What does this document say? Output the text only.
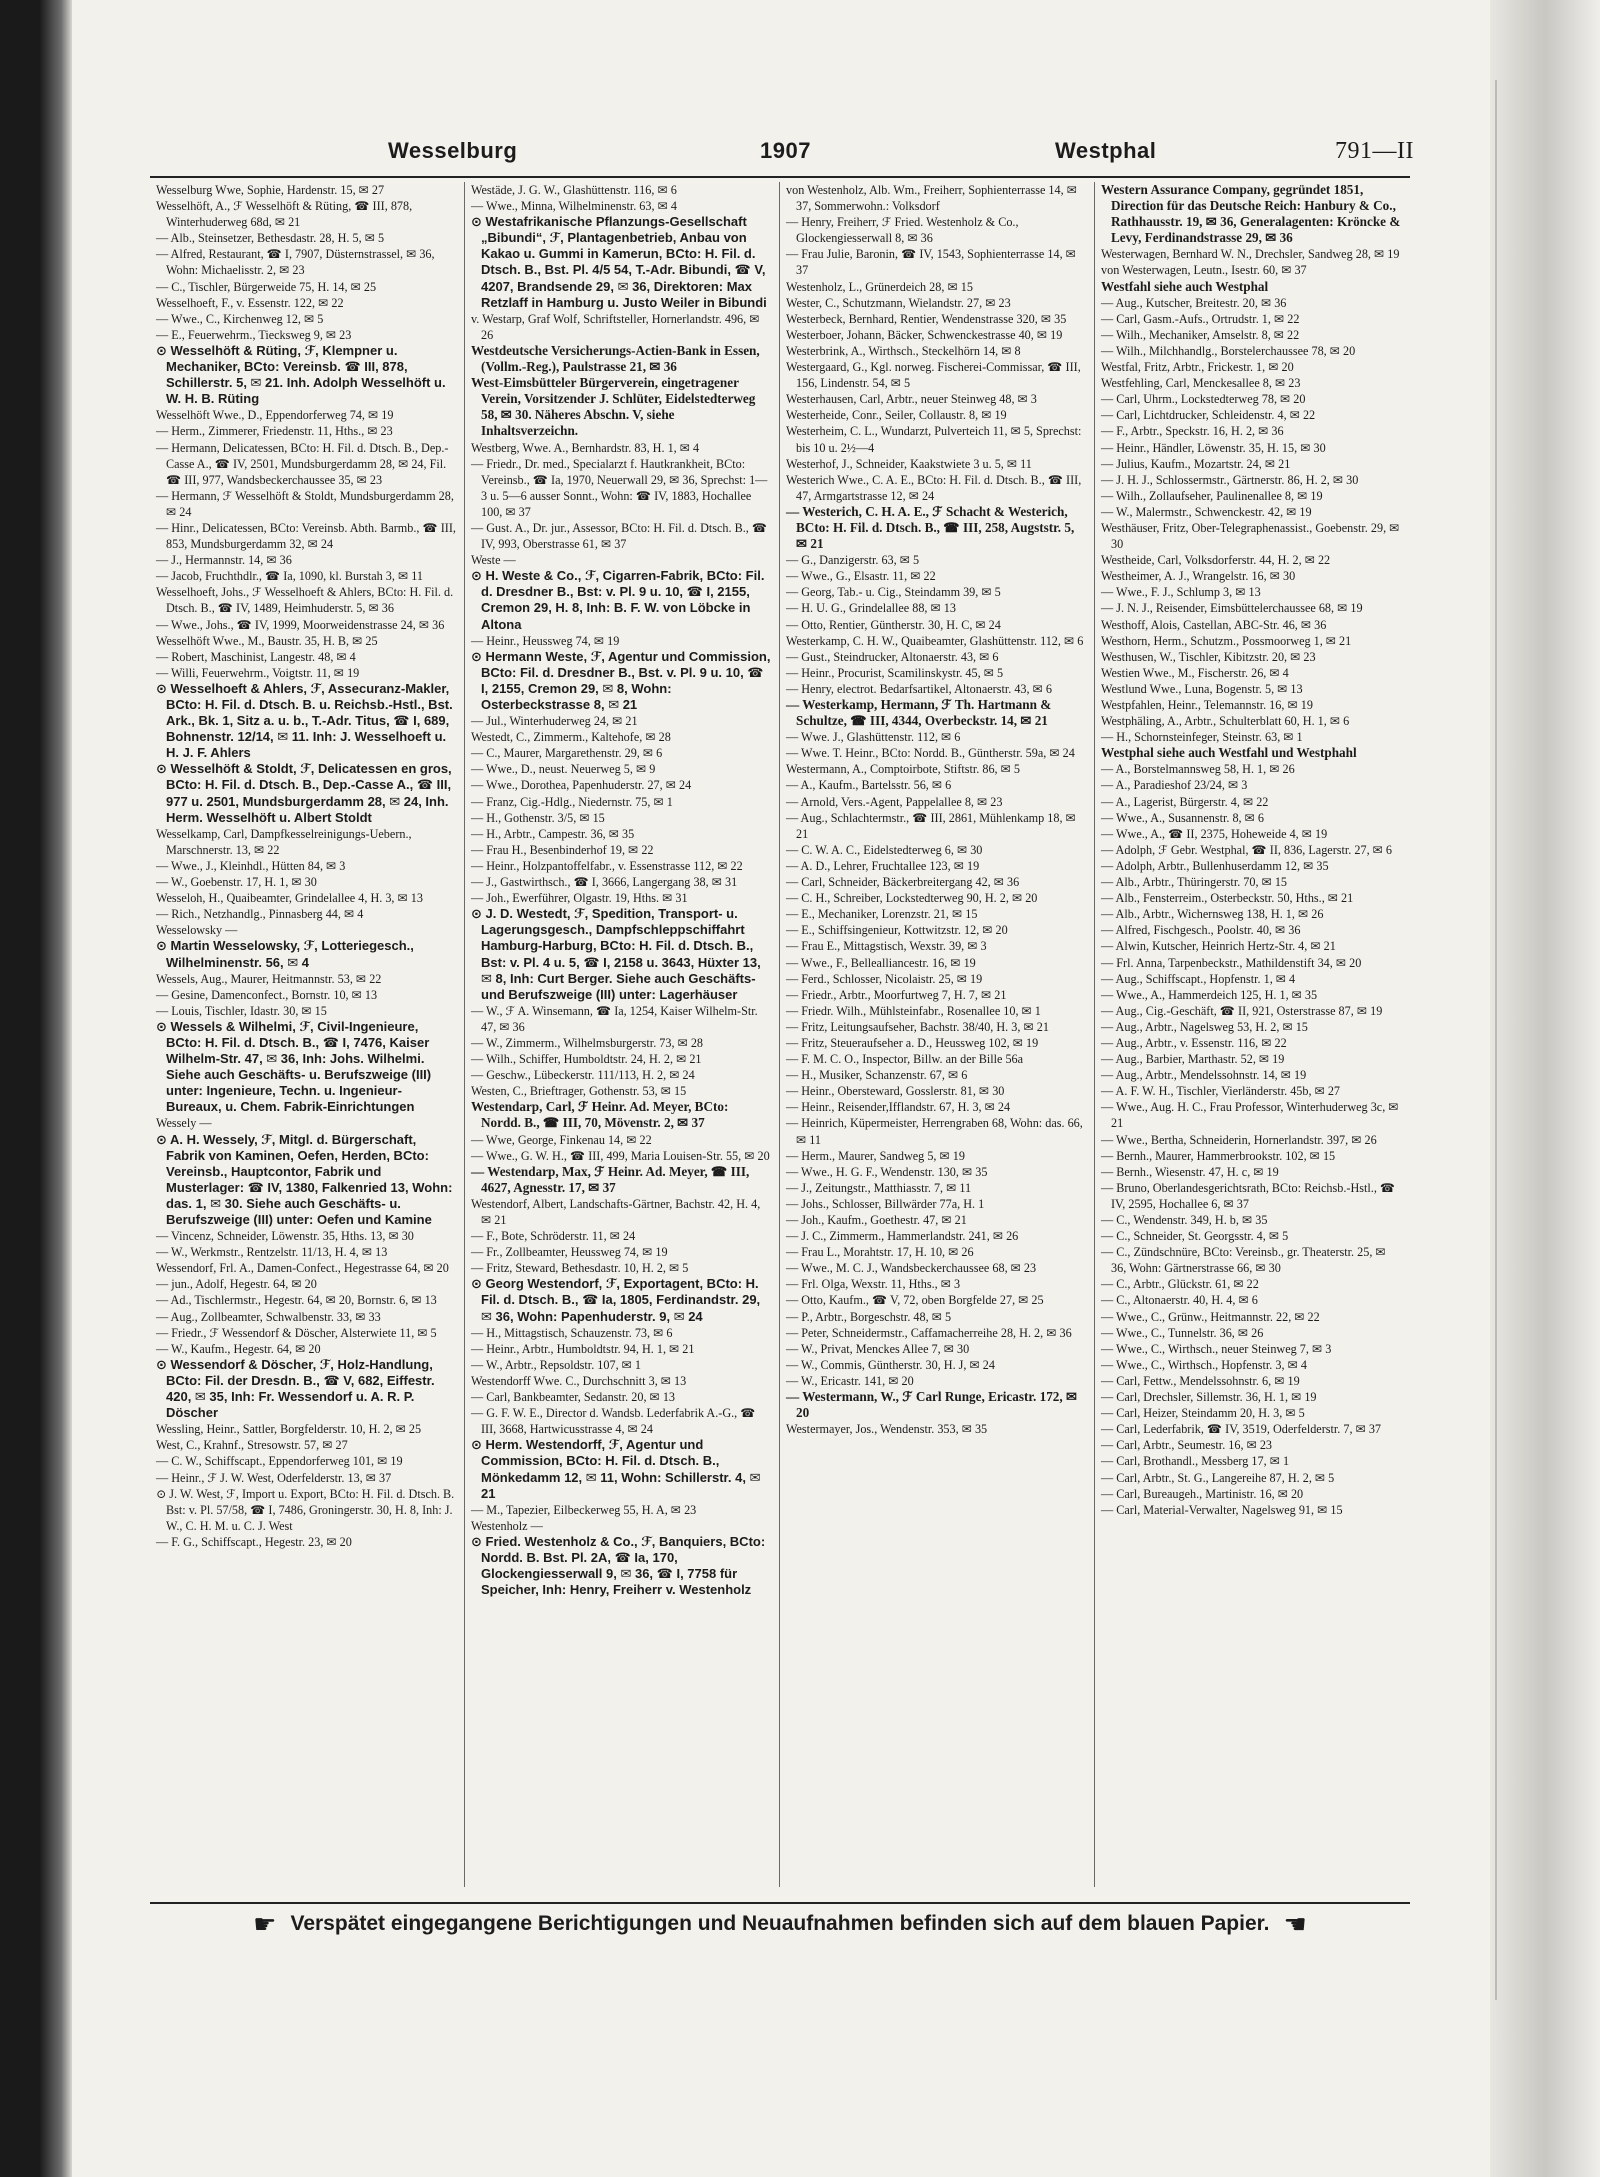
Wesselburg	1907	Westphal	791—II

Wesselburg Wwe, Sophie, Hardenstr. 15, ✉ 27

Wesselhöft, A., ℱ Wesselhöft & Rüting, ☎ III, 878, Winterhuderweg 68d, ✉ 21

— Alb., Steinsetzer, Bethesdastr. 28, H. 5, ✉ 5

— Alfred, Restaurant, ☎ I, 7907, Düsternstrassel, ✉ 36, Wohn: Michaelisstr. 2, ✉ 23

— C., Tischler, Bürgerweide 75, H. 14, ✉ 25

Wesselhoeft, F., v. Essenstr. 122, ✉ 22

— Wwe., C., Kirchenweg 12, ✉ 5

— E., Feuerwehrm., Tiecksweg 9, ✉ 23

⊙ Wesselhöft & Rüting, ℱ, Klempner u. Mechaniker, BCto: Vereinsb. ☎ III, 878, Schillerstr. 5, ✉ 21. Inh. Adolph Wesselhöft u. W. H. B. Rüting

Wesselhöft Wwe., D., Eppendorferweg 74, ✉ 19

— Herm., Zimmerer, Friedenstr. 11, Hths., ✉ 23

— Hermann, Delicatessen, BCto: H. Fil. d. Dtsch. B., Dep.-Casse A., ☎ IV, 2501, Mundsburgerdamm 28, ✉ 24, Fil. ☎ III, 977, Wandsbeckerchaussee 35, ✉ 23

— Hermann, ℱ Wesselhöft & Stoldt, Mundsburgerdamm 28, ✉ 24

— Hinr., Delicatessen, BCto: Vereinsb. Abth. Barmb., ☎ III, 853, Mundsburgerdamm 32, ✉ 24

— J., Hermannstr. 14, ✉ 36

— Jacob, Fruchthdlr., ☎ Ia, 1090, kl. Burstah 3, ✉ 11

Wesselhoeft, Johs., ℱ Wesselhoeft & Ahlers, BCto: H. Fil. d. Dtsch. B., ☎ IV, 1489, Heimhuderstr. 5, ✉ 36

— Wwe., Johs., ☎ IV, 1999, Moorweidenstrasse 24, ✉ 36

Wesselhöft Wwe., M., Baustr. 35, H. B, ✉ 25

— Robert, Maschinist, Langestr. 48, ✉ 4

— Willi, Feuerwehrm., Voigtstr. 11, ✉ 19

⊙ Wesselhoeft & Ahlers, ℱ, Assecuranz-Makler, BCto: H. Fil. d. Dtsch. B. u. Reichsb.-Hstl., Bst. Ark., Bk. 1, Sitz a. u. b., T.-Adr. Titus, ☎ I, 689, Bohnenstr. 12/14, ✉ 11. Inh: J. Wesselhoeft u. H. J. F. Ahlers

⊙ Wesselhöft & Stoldt, ℱ, Delicatessen en gros, BCto: H. Fil. d. Dtsch. B., Dep.-Casse A., ☎ III, 977 u. 2501, Mundsburgerdamm 28, ✉ 24, Inh. Herm. Wesselhöft u. Albert Stoldt

Wesselkamp, Carl, Dampfkesselreinigungs-Uebern., Marschnerstr. 13, ✉ 22

— Wwe., J., Kleinhdl., Hütten 84, ✉ 3

— W., Goebenstr. 17, H. 1, ✉ 30

Wesseloh, H., Quaibeamter, Grindelallee 4, H. 3, ✉ 13

— Rich., Netzhandlg., Pinnasberg 44, ✉ 4

Wesselowsky —

⊙ Martin Wesselowsky, ℱ, Lotteriegesch., Wilhelminenstr. 56, ✉ 4

Wessels, Aug., Maurer, Heitmannstr. 53, ✉ 22

— Gesine, Damenconfect., Bornstr. 10, ✉ 13

— Louis, Tischler, Idastr. 30, ✉ 15

⊙ Wessels & Wilhelmi, ℱ, Civil-Ingenieure, BCto: H. Fil. d. Dtsch. B., ☎ I, 7476, Kaiser Wilhelm-Str. 47, ✉ 36, Inh: Johs. Wilhelmi. Siehe auch Geschäfts- u. Berufszweige (III) unter: Ingenieure, Techn. u. Ingenieur-Bureaux, u. Chem. Fabrik-Einrichtungen

Wessely —

⊙ A. H. Wessely, ℱ, Mitgl. d. Bürgerschaft, Fabrik von Kaminen, Oefen, Herden, BCto: Vereinsb., Hauptcontor, Fabrik und Musterlager: ☎ IV, 1380, Falkenried 13, Wohn: das. 1, ✉ 30. Siehe auch Geschäfts- u. Berufszweige (III) unter: Oefen und Kamine

— Vincenz, Schneider, Löwenstr. 35, Hths. 13, ✉ 30

— W., Werkmstr., Rentzelstr. 11/13, H. 4, ✉ 13

Wessendorf, Frl. A., Damen-Confect., Hegestrasse 64, ✉ 20

— jun., Adolf, Hegestr. 64, ✉ 20

— Ad., Tischlermstr., Hegestr. 64, ✉ 20, Bornstr. 6, ✉ 13

— Aug., Zollbeamter, Schwalbenstr. 33, ✉ 33

— Friedr., ℱ Wessendorf & Döscher, Alsterwiete 11, ✉ 5

— W., Kaufm., Hegestr. 64, ✉ 20

⊙ Wessendorf & Döscher, ℱ, Holz-Handlung, BCto: Fil. der Dresdn. B., ☎ V, 682, Eiffestr. 420, ✉ 35, Inh: Fr. Wessendorf u. A. R. P. Döscher

Wessling, Heinr., Sattler, Borgfelderstr. 10, H. 2, ✉ 25

West, C., Krahnf., Stresowstr. 57, ✉ 27

— C. W., Schiffscapt., Eppendorferweg 101, ✉ 19

— Heinr., ℱ J. W. West, Oderfelderstr. 13, ✉ 37

⊙ J. W. West, ℱ, Import u. Export, BCto: H. Fil. d. Dtsch. B. Bst: v. Pl. 57/58, ☎ I, 7486, Groningerstr. 30, H. 8, Inh: J. W., C. H. M. u. C. J. West

— F. G., Schiffscapt., Hegestr. 23, ✉ 20

Westäde, J. G. W., Glashüttenstr. 116, ✉ 6

— Wwe., Minna, Wilhelminenstr. 63, ✉ 4

⊙ Westafrikanische Pflanzungs-Gesellschaft „Bibundi“, ℱ, Plantagenbetrieb, Anbau von Kakao u. Gummi in Kamerun, BCto: H. Fil. d. Dtsch. B., Bst. Pl. 4/5 54, T.-Adr. Bibundi, ☎ V, 4207, Brandsende 29, ✉ 36, Direktoren: Max Retzlaff in Hamburg u. Justo Weiler in Bibundi

v. Westarp, Graf Wolf, Schriftsteller, Hornerlandstr. 496, ✉ 26

Westdeutsche Versicherungs-Actien-Bank in Essen, (Vollm.-Reg.), Paulstrasse 21, ✉ 36

West-Eimsbütteler Bürgerverein, eingetragener Verein, Vorsitzender J. Schlüter, Eidelstedterweg 58, ✉ 30. Näheres Abschn. V, siehe Inhaltsverzeichn.

Westberg, Wwe. A., Bernhardstr. 83, H. 1, ✉ 4

— Friedr., Dr. med., Specialarzt f. Hautkrankheit, BCto: Vereinsb., ☎ Ia, 1970, Neuerwall 29, ✉ 36, Sprechst: 1—3 u. 5—6 ausser Sonnt., Wohn: ☎ IV, 1883, Hochallee 100, ✉ 37

— Gust. A., Dr. jur., Assessor, BCto: H. Fil. d. Dtsch. B., ☎ IV, 993, Oberstrasse 61, ✉ 37

Weste —

⊙ H. Weste & Co., ℱ, Cigarren-Fabrik, BCto: Fil. d. Dresdner B., Bst: v. Pl. 9 u. 10, ☎ I, 2155, Cremon 29, H. 8, Inh: B. F. W. von Löbcke in Altona

— Heinr., Heussweg 74, ✉ 19

⊙ Hermann Weste, ℱ, Agentur und Commission, BCto: Fil. d. Dresdner B., Bst. v. Pl. 9 u. 10, ☎ I, 2155, Cremon 29, ✉ 8, Wohn: Osterbeckstrasse 8, ✉ 21

— Jul., Winterhuderweg 24, ✉ 21

Westedt, C., Zimmerm., Kaltehofe, ✉ 28

— C., Maurer, Margarethenstr. 29, ✉ 6

— Wwe., D., neust. Neuerweg 5, ✉ 9

— Wwe., Dorothea, Papenhuderstr. 27, ✉ 24

— Franz, Cig.-Hdlg., Niedernstr. 75, ✉ 1

— H., Gothenstr. 3/5, ✉ 15

— H., Arbtr., Campestr. 36, ✉ 35

— Frau H., Besenbinderhof 19, ✉ 22

— Heinr., Holzpantoffelfabr., v. Essenstrasse 112, ✉ 22

— J., Gastwirthsch., ☎ I, 3666, Langergang 38, ✉ 31

— Joh., Ewerführer, Olgastr. 19, Hths. ✉ 31

⊙ J. D. Westedt, ℱ, Spedition, Transport- u. Lagerungsgesch., Dampfschleppschiffahrt Hamburg-Harburg, BCto: H. Fil. d. Dtsch. B., Bst: v. Pl. 4 u. 5, ☎ I, 2158 u. 3643, Hüxter 13, ✉ 8, Inh: Curt Berger. Siehe auch Geschäfts- und Berufszweige (III) unter: Lagerhäuser

— W., ℱ A. Winsemann, ☎ Ia, 1254, Kaiser Wilhelm-Str. 47, ✉ 36

— W., Zimmerm., Wilhelmsburgerstr. 73, ✉ 28

— Wilh., Schiffer, Humboldtstr. 24, H. 2, ✉ 21

— Geschw., Lübeckerstr. 111/113, H. 2, ✉ 24

Westen, C., Brieftrager, Gothenstr. 53, ✉ 15

Westendarp, Carl, ℱ Heinr. Ad. Meyer, BCto: Nordd. B., ☎ III, 70, Mövenstr. 2, ✉ 37

— Wwe, George, Finkenau 14, ✉ 22

— Wwe., G. W. H., ☎ III, 499, Maria Louisen-Str. 55, ✉ 20

— Westendarp, Max, ℱ Heinr. Ad. Meyer, ☎ III, 4627, Agnesstr. 17, ✉ 37

Westendorf, Albert, Landschafts-Gärtner, Bachstr. 42, H. 4, ✉ 21

— F., Bote, Schröderstr. 11, ✉ 24

— Fr., Zollbeamter, Heussweg 74, ✉ 19

— Fritz, Steward, Bethesdastr. 10, H. 2, ✉ 5

⊙ Georg Westendorf, ℱ, Exportagent, BCto: H. Fil. d. Dtsch. B., ☎ Ia, 1805, Ferdinandstr. 29, ✉ 36, Wohn: Papenhuderstr. 9, ✉ 24

— H., Mittagstisch, Schauzenstr. 73, ✉ 6

— Heinr., Arbtr., Humboldtstr. 94, H. 1, ✉ 21

— W., Arbtr., Repsoldstr. 107, ✉ 1

Westendorff Wwe. C., Durchschnitt 3, ✉ 13

— Carl, Bankbeamter, Sedanstr. 20, ✉ 13

— G. F. W. E., Director d. Wandsb. Lederfabrik A.-G., ☎ III, 3668, Hartwicusstrasse 4, ✉ 24

⊙ Herm. Westendorff, ℱ, Agentur und Commission, BCto: H. Fil. d. Dtsch. B., Mönkedamm 12, ✉ 11, Wohn: Schillerstr. 4, ✉ 21

— M., Tapezier, Eilbeckerweg 55, H. A, ✉ 23

Westenholz —

⊙ Fried. Westenholz & Co., ℱ, Banquiers, BCto: Nordd. B. Bst. Pl. 2A, ☎ Ia, 170, Glockengiesserwall 9, ✉ 36, ☎ I, 7758 für Speicher, Inh: Henry, Freiherr v. Westenholz

von Westenholz, Alb. Wm., Freiherr, Sophienterrasse 14, ✉ 37, Sommerwohn.: Volksdorf

— Henry, Freiherr, ℱ Fried. Westenholz & Co., Glockengiesserwall 8, ✉ 36

— Frau Julie, Baronin, ☎ IV, 1543, Sophienterrasse 14, ✉ 37

Westenholz, L., Grünerdeich 28, ✉ 15

Wester, C., Schutzmann, Wielandstr. 27, ✉ 23

Westerbeck, Bernhard, Rentier, Wendenstrasse 320, ✉ 35

Westerboer, Johann, Bäcker, Schwenckestrasse 40, ✉ 19

Westerbrink, A., Wirthsch., Steckelhörn 14, ✉ 8

Westergaard, G., Kgl. norweg. Fischerei-Commissar, ☎ III, 156, Lindenstr. 54, ✉ 5

Westerhausen, Carl, Arbtr., neuer Steinweg 48, ✉ 3

Westerheide, Conr., Seiler, Collaustr. 8, ✉ 19

Westerheim, C. L., Wundarzt, Pulverteich 11, ✉ 5, Sprechst: bis 10 u. 2½—4

Westerhof, J., Schneider, Kaakstwiete 3 u. 5, ✉ 11

Westerich Wwe., C. A. E., BCto: H. Fil. d. Dtsch. B., ☎ III, 47, Armgartstrasse 12, ✉ 24

— Westerich, C. H. A. E., ℱ Schacht & Westerich, BCto: H. Fil. d. Dtsch. B., ☎ III, 258, Augststr. 5, ✉ 21

— G., Danzigerstr. 63, ✉ 5

— Wwe., G., Elsastr. 11, ✉ 22

— Georg, Tab.- u. Cig., Steindamm 39, ✉ 5

— H. U. G., Grindelallee 88, ✉ 13

— Otto, Rentier, Güntherstr. 30, H. C, ✉ 24

Westerkamp, C. H. W., Quaibeamter, Glashüttenstr. 112, ✉ 6

— Gust., Steindrucker, Altonaerstr. 43, ✉ 6

— Heinr., Procurist, Scamilinskystr. 45, ✉ 5

— Henry, electrot. Bedarfsartikel, Altonaerstr. 43, ✉ 6

— Westerkamp, Hermann, ℱ Th. Hartmann & Schultze, ☎ III, 4344, Overbeckstr. 14, ✉ 21

— Wwe. J., Glashüttenstr. 112, ✉ 6

— Wwe. T. Heinr., BCto: Nordd. B., Güntherstr. 59a, ✉ 24

Westermann, A., Comptoirbote, Stiftstr. 86, ✉ 5

— A., Kaufm., Bartelsstr. 56, ✉ 6

— Arnold, Vers.-Agent, Pappelallee 8, ✉ 23

— Aug., Schlachtermstr., ☎ III, 2861, Mühlenkamp 18, ✉ 21

— C. W. A. C., Eidelstedterweg 6, ✉ 30

— A. D., Lehrer, Fruchtallee 123, ✉ 19

— Carl, Schneider, Bäckerbreitergang 42, ✉ 36

— C. H., Schreiber, Lockstedterweg 90, H. 2, ✉ 20

— E., Mechaniker, Lorenzstr. 21, ✉ 15

— E., Schiffsingenieur, Kottwitzstr. 12, ✉ 20

— Frau E., Mittagstisch, Wexstr. 39, ✉ 3

— Wwe., F., Bellealliancestr. 16, ✉ 19

— Ferd., Schlosser, Nicolaistr. 25, ✉ 19

— Friedr., Arbtr., Moorfurtweg 7, H. 7, ✉ 21

— Friedr. Wilh., Mühlsteinfabr., Rosenallee 10, ✉ 1

— Fritz, Leitungsaufseher, Bachstr. 38/40, H. 3, ✉ 21

— Fritz, Steueraufseher a. D., Heussweg 102, ✉ 19

— F. M. C. O., Inspector, Billw. an der Bille 56a

— H., Musiker, Schanzenstr. 67, ✉ 6

— Heinr., Obersteward, Gosslerstr. 81, ✉ 30

— Heinr., Reisender,Ifflandstr. 67, H. 3, ✉ 24

— Heinrich, Küpermeister, Herrengraben 68, Wohn: das. 66, ✉ 11

— Herm., Maurer, Sandweg 5, ✉ 19

— Wwe., H. G. F., Wendenstr. 130, ✉ 35

— J., Zeitungstr., Matthiasstr. 7, ✉ 11

— Johs., Schlosser, Billwärder 77a, H. 1

— Joh., Kaufm., Goethestr. 47, ✉ 21

— J. C., Zimmerm., Hammerlandstr. 241, ✉ 26

— Frau L., Morahtstr. 17, H. 10, ✉ 26

— Wwe., M. C. J., Wandsbeckerchaussee 68, ✉ 23

— Frl. Olga, Wexstr. 11, Hths., ✉ 3

— Otto, Kaufm., ☎ V, 72, oben Borgfelde 27, ✉ 25

— P., Arbtr., Borgeschstr. 48, ✉ 5

— Peter, Schneidermstr., Caffamacherreihe 28, H. 2, ✉ 36

— W., Privat, Menckes Allee 7, ✉ 30

— W., Commis, Güntherstr. 30, H. J, ✉ 24

— W., Ericastr. 141, ✉ 20

— Westermann, W., ℱ Carl Runge, Ericastr. 172, ✉ 20

Westermayer, Jos., Wendenstr. 353, ✉ 35

Western Assurance Company, gegründet 1851, Direction für das Deutsche Reich: Hanbury & Co., Rathhausstr. 19, ✉ 36, Generalagenten: Kröncke & Levy, Ferdinandstrasse 29, ✉ 36

Westerwagen, Bernhard W. N., Drechsler, Sandweg 28, ✉ 19

von Westerwagen, Leutn., Isestr. 60, ✉ 37

Westfahl siehe auch Westphal

— Aug., Kutscher, Breitestr. 20, ✉ 36

— Carl, Gasm.-Aufs., Ortrudstr. 1, ✉ 22

— Wilh., Mechaniker, Amselstr. 8, ✉ 22

— Wilh., Milchhandlg., Borstelerchaussee 78, ✉ 20

Westfal, Fritz, Arbtr., Frickestr. 1, ✉ 20

Westfehling, Carl, Menckesallee 8, ✉ 23

— Carl, Uhrm., Lockstedterweg 78, ✉ 20

— Carl, Lichtdrucker, Schleidenstr. 4, ✉ 22

— F., Arbtr., Speckstr. 16, H. 2, ✉ 36

— Heinr., Händler, Löwenstr. 35, H. 15, ✉ 30

— Julius, Kaufm., Mozartstr. 24, ✉ 21

— J. H. J., Schlossermstr., Gärtnerstr. 86, H. 2, ✉ 30

— Wilh., Zollaufseher, Paulinenallee 8, ✉ 19

— W., Malermstr., Schwenckestr. 42, ✉ 19

Westhäuser, Fritz, Ober-Telegraphenassist., Goebenstr. 29, ✉ 30

Westheide, Carl, Volksdorferstr. 44, H. 2, ✉ 22

Westheimer, A. J., Wrangelstr. 16, ✉ 30

— Wwe., F. J., Schlump 3, ✉ 13

— J. N. J., Reisender, Eimsbüttelerchaussee 68, ✉ 19

Westhoff, Alois, Castellan, ABC-Str. 46, ✉ 36

Westhorn, Herm., Schutzm., Possmoorweg 1, ✉ 21

Westhusen, W., Tischler, Kibitzstr. 20, ✉ 23

Westien Wwe., M., Fischerstr. 26, ✉ 4

Westlund Wwe., Luna, Bogenstr. 5, ✉ 13

Westpfahlen, Heinr., Telemannstr. 16, ✉ 19

Westphäling, A., Arbtr., Schulterblatt 60, H. 1, ✉ 6

— H., Schornsteinfeger, Steinstr. 63, ✉ 1

Westphal siehe auch Westfahl und Westphahl

— A., Borstelmannsweg 58, H. 1, ✉ 26

— A., Paradieshof 23/24, ✉ 3

— A., Lagerist, Bürgerstr. 4, ✉ 22

— Wwe., A., Susannenstr. 8, ✉ 6

— Wwe., A., ☎ II, 2375, Hoheweide 4, ✉ 19

— Adolph, ℱ Gebr. Westphal, ☎ II, 836, Lagerstr. 27, ✉ 6

— Adolph, Arbtr., Bullenhuserdamm 12, ✉ 35

— Alb., Arbtr., Thüringerstr. 70, ✉ 15

— Alb., Fensterreim., Osterbeckstr. 50, Hths., ✉ 21

— Alb., Arbtr., Wichernsweg 138, H. 1, ✉ 26

— Alfred, Fischgesch., Poolstr. 40, ✉ 36

— Alwin, Kutscher, Heinrich Hertz-Str. 4, ✉ 21

— Frl. Anna, Tarpenbeckstr., Mathildenstift 34, ✉ 20

— Aug., Schiffscapt., Hopfenstr. 1, ✉ 4

— Wwe., A., Hammerdeich 125, H. 1, ✉ 35

— Aug., Cig.-Geschäft, ☎ II, 921, Osterstrasse 87, ✉ 19

— Aug., Arbtr., Nagelsweg 53, H. 2, ✉ 15

— Aug., Arbtr., v. Essenstr. 116, ✉ 22

— Aug., Barbier, Marthastr. 52, ✉ 19

— Aug., Arbtr., Mendelssohnstr. 14, ✉ 19

— A. F. W. H., Tischler, Vierländerstr. 45b, ✉ 27

— Wwe., Aug. H. C., Frau Professor, Winterhuderweg 3c, ✉ 21

— Wwe., Bertha, Schneiderin, Hornerlandstr. 397, ✉ 26

— Bernh., Maurer, Hammerbrookstr. 102, ✉ 15

— Bernh., Wiesenstr. 47, H. c, ✉ 19

— Bruno, Oberlandesgerichtsrath, BCto: Reichsb.-Hstl., ☎ IV, 2595, Hochallee 6, ✉ 37

— C., Wendenstr. 349, H. b, ✉ 35

— C., Schneider, St. Georgsstr. 4, ✉ 5

— C., Zündschnüre, BCto: Vereinsb., gr. Theaterstr. 25, ✉ 36, Wohn: Gärtnerstrasse 66, ✉ 30

— C., Arbtr., Glückstr. 61, ✉ 22

— C., Altonaerstr. 40, H. 4, ✉ 6

— Wwe., C., Grünw., Heitmannstr. 22, ✉ 22

— Wwe., C., Tunnelstr. 36, ✉ 26

— Wwe., C., Wirthsch., neuer Steinweg 7, ✉ 3

— Wwe., C., Wirthsch., Hopfenstr. 3, ✉ 4

— Carl, Fettw., Mendelssohnstr. 6, ✉ 19

— Carl, Drechsler, Sillemstr. 36, H. 1, ✉ 19

— Carl, Heizer, Steindamm 20, H. 3, ✉ 5

— Carl, Lederfabrik, ☎ IV, 3519, Oderfelderstr. 7, ✉ 37

— Carl, Arbtr., Seumestr. 16, ✉ 23

— Carl, Brothandl., Messberg 17, ✉ 1

— Carl, Arbtr., St. G., Langereihe 87, H. 2, ✉ 5

— Carl, Bureaugeh., Martinistr. 16, ✉ 20

— Carl, Material-Verwalter, Nagelsweg 91, ✉ 15

☛ Verspätet eingegangene Berichtigungen und Neuaufnahmen befinden sich auf dem blauen Papier. ☚
